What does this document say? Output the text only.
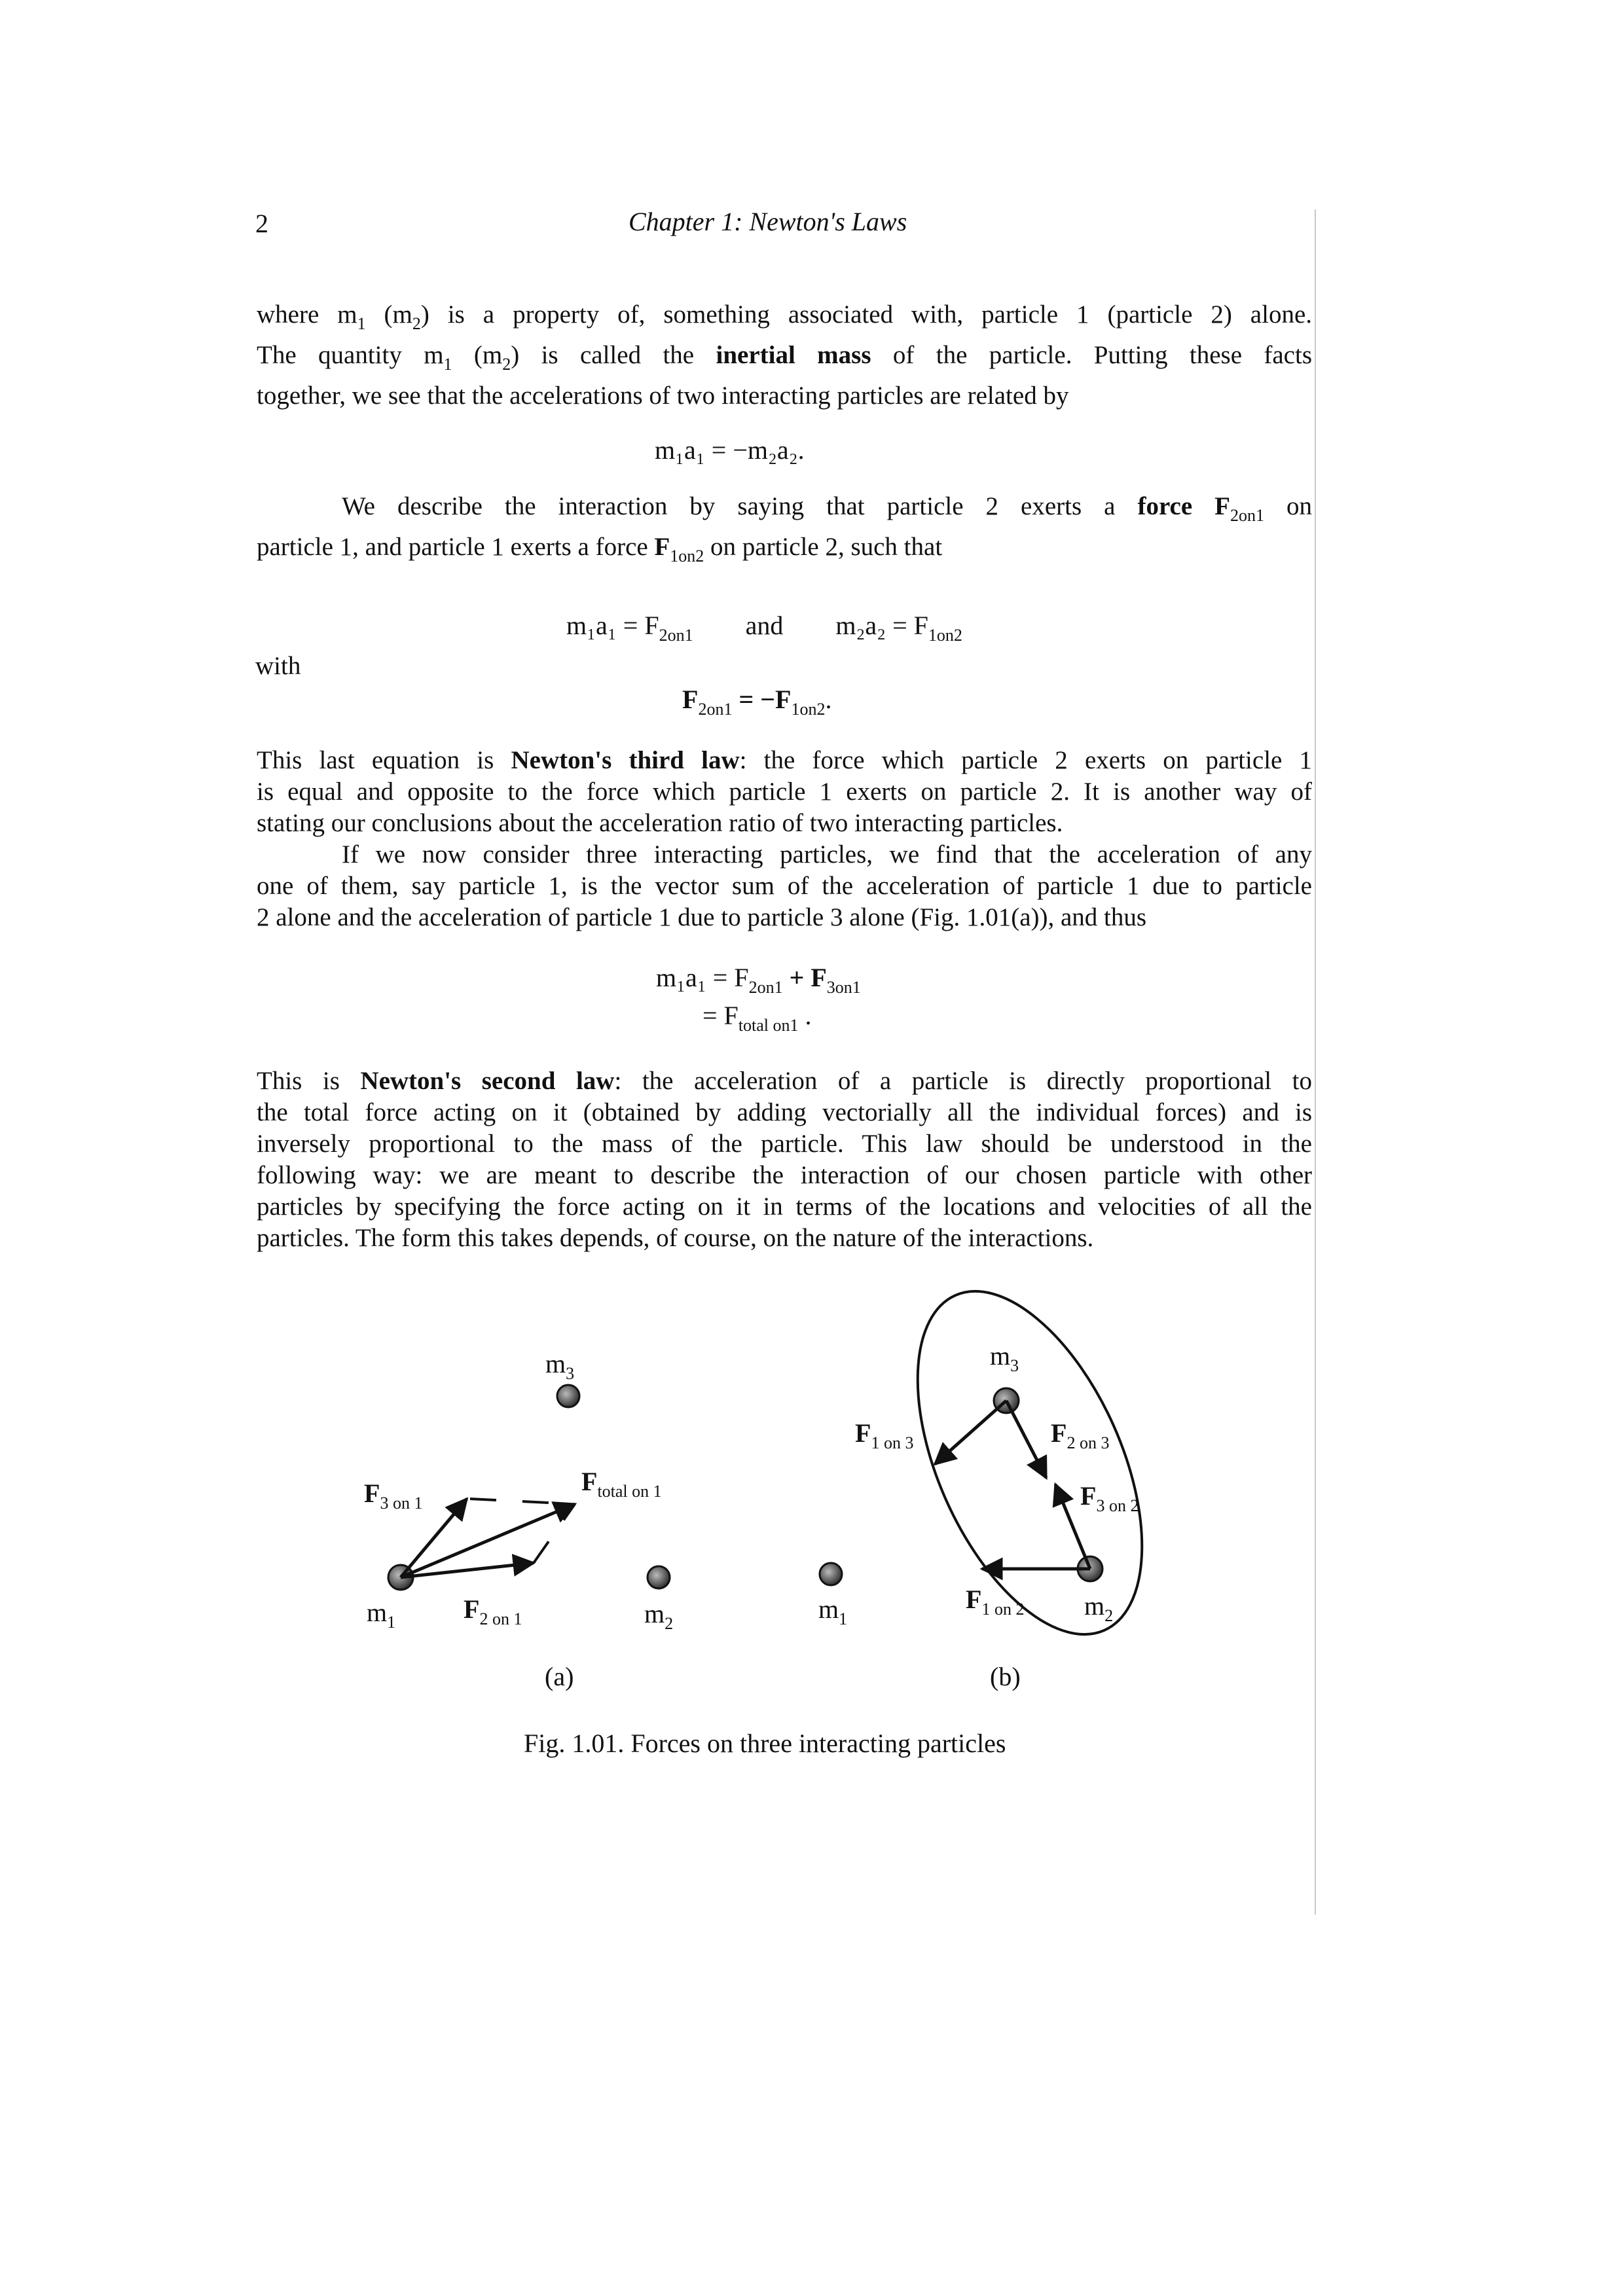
2	Chapter 1: Newton's Laws
where $m_1$ $(m_2)$ is a property of, something associated with, particle 1 (particle 2) alone.
The quantity $m_1$ $(m_2)$ is called the inertial mass of the particle. Putting these facts
together, we see that the accelerations of two interacting particles are related by
m₁a₁ = −m₂a₂.
We describe the interaction by saying that particle 2 exerts a force $F_{2on1}$ on
particle 1, and particle 1 exerts a force $F_{1on2}$ on particle 2, such that
$m_1a_1 = F_{2on1}$ and $m_2a_2 = F_{1on2}$
with
$F_{2on1} = -F_{1on2}$.
This last equation is Newton's third law: the force which particle 2 exerts on particle 1
is equal and opposite to the force which particle 1 exerts on particle 2. It is another way of
stating our conclusions about the acceleration ratio of two interacting particles.
If we now consider three interacting particles, we find that the acceleration of any
one of them, say particle 1, is the vector sum of the acceleration of particle 1 due to particle
2 alone and the acceleration of particle 1 due to particle 3 alone (Fig. 1.01(a)), and thus
$m_1a_1 = F_{2on1} + F_{3on1}$
= $F_{total on1}$ .
This is Newton's second law: the acceleration of a particle is directly proportional to
the total force acting on it (obtained by adding vectorially all the individual forces) and is
inversely proportional to the mass of the particle. This law should be understood in the
following way: we are meant to describe the interaction of our chosen particle with other
particles by specifying the force acting on it in terms of the locations and velocities of all the
particles. The form this takes depends, of course, on the nature of the interactions.
$m_3$
$m_1$	$m_2$
$F_{3 on 1}$
$F_{total on 1}$
$F_{2 on 1}$
(a)
$m_3$
$m_1$	$m_2$
$F_{1 on 3}$	$F_{2 on 3}$
$F_{3 on 2}$
$F_{1 on 2}$
(b)
Fig. 1.01. Forces on three interacting particles
